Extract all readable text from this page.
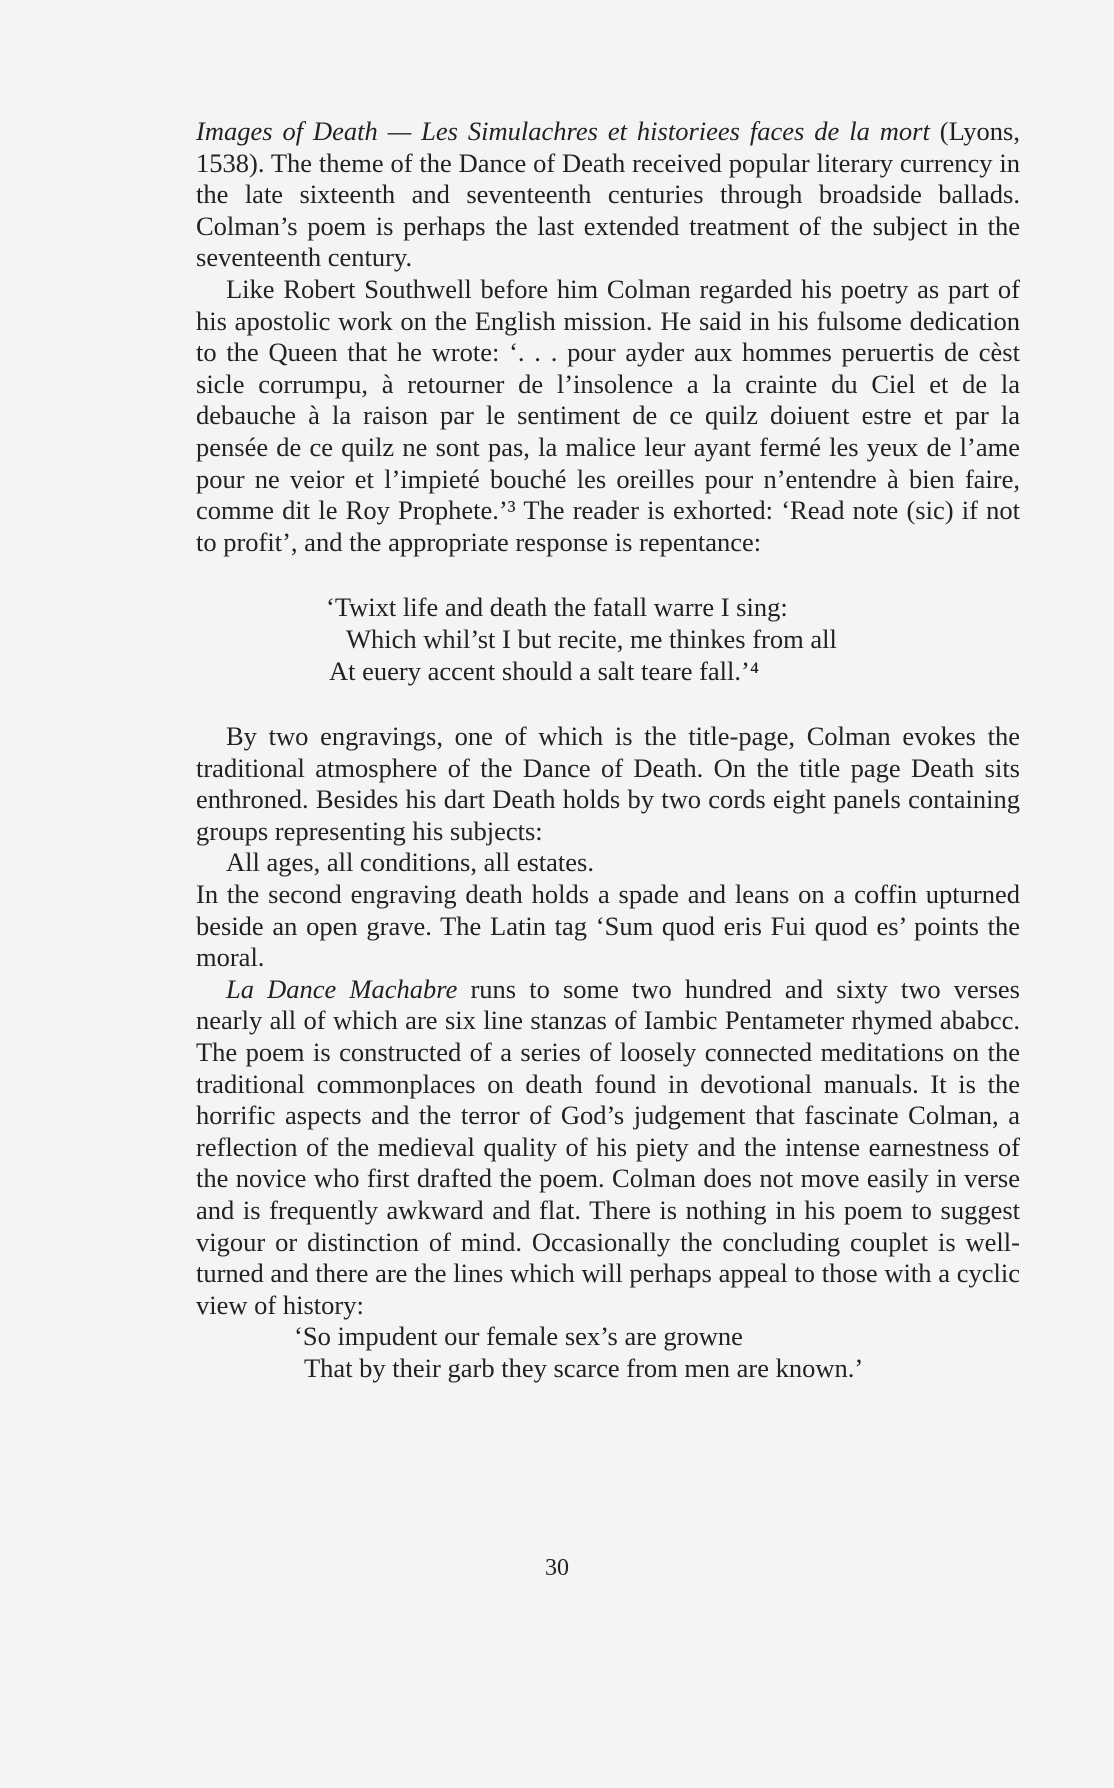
Images of Death — Les Simulachres et historiees faces de la mort (Lyons, 1538). The theme of the Dance of Death received popular literary currency in the late sixteenth and seventeenth centuries through broadside ballads. Colman’s poem is perhaps the last extended treatment of the subject in the seventeenth century.

Like Robert Southwell before him Colman regarded his poetry as part of his apostolic work on the English mission. He said in his fulsome dedication to the Queen that he wrote: ‘. . . pour ayder aux hommes peruertis de cèst sicle corrumpu, à retourner de l’insolence a la crainte du Ciel et de la debauche à la raison par le sentiment de ce quilz doiuent estre et par la pensée de ce quilz ne sont pas, la malice leur ayant fermé les yeux de l’ame pour ne veior et l’impieté bouché les oreilles pour n’entendre à bien faire, comme dit le Roy Prophete.’³ The reader is exhorted: ‘Read note (sic) if not to profit’, and the appropriate response is repentance:

‘Twixt life and death the fatall warre I sing:

Which whil’st I but recite, me thinkes from all

At euery accent should a salt teare fall.’⁴

By two engravings, one of which is the title-page, Colman evokes the traditional atmosphere of the Dance of Death. On the title page Death sits enthroned. Besides his dart Death holds by two cords eight panels containing groups representing his subjects:

All ages, all conditions, all estates.

In the second engraving death holds a spade and leans on a coffin upturned beside an open grave. The Latin tag ‘Sum quod eris Fui quod es’ points the moral.

La Dance Machabre runs to some two hundred and sixty two verses nearly all of which are six line stanzas of Iambic Pentameter rhymed ababcc. The poem is constructed of a series of loosely connected meditations on the traditional commonplaces on death found in devotional manuals. It is the horrific aspects and the terror of God’s judgement that fascinate Colman, a reflection of the medieval quality of his piety and the intense earnestness of the novice who first drafted the poem. Colman does not move easily in verse and is frequently awkward and flat. There is nothing in his poem to suggest vigour or distinction of mind. Occasionally the concluding couplet is well-turned and there are the lines which will perhaps appeal to those with a cyclic view of history:

‘So impudent our female sex’s are growne

That by their garb they scarce from men are known.’

30
